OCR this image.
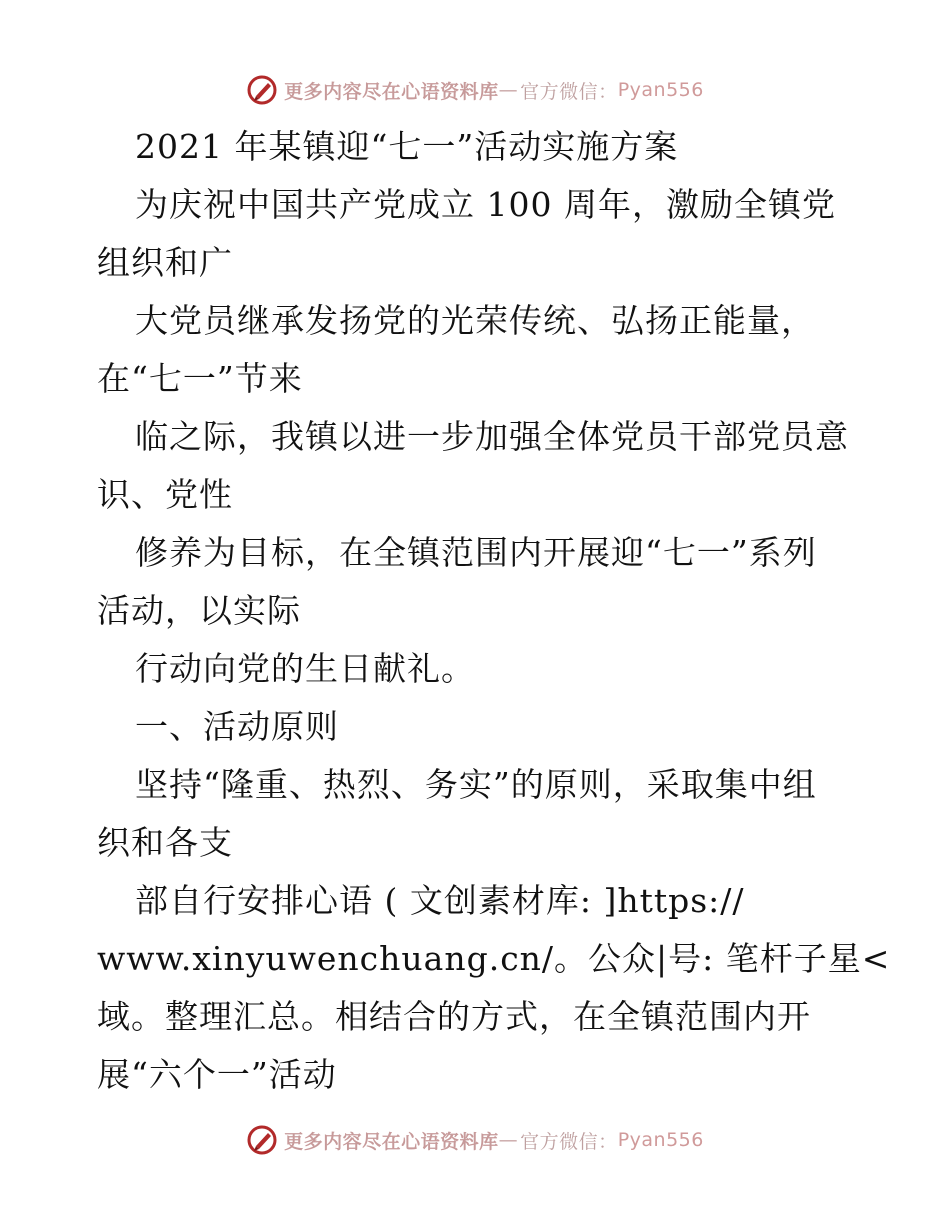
更多内容尽在心语资料库 — 官方微信： Pyan556
2021 年某镇迎“七一”活动实施方案
为庆祝中国共产党成立 100 周年，激励全镇党
组织和广
大党员继承发扬党的光荣传统、弘扬正能量，
在“七一”节来
临之际，我镇以进一步加强全体党员干部党员意
识、党性
修养为目标，在全镇范围内开展迎“七一”系列
活动，以实际
行动向党的生日献礼。
一、活动原则
坚持“隆重、热烈、务实”的原则，采取集中组
织和各支
部自行安排心语 ( 文创素材库: ]https://
www.xinyuwenchuang.cn/。公众|号: 笔杆子星<
域。整理汇总。相结合的方式，在全镇范围内开
展“六个一”活动
更多内容尽在心语资料库 — 官方微信： Pyan556
